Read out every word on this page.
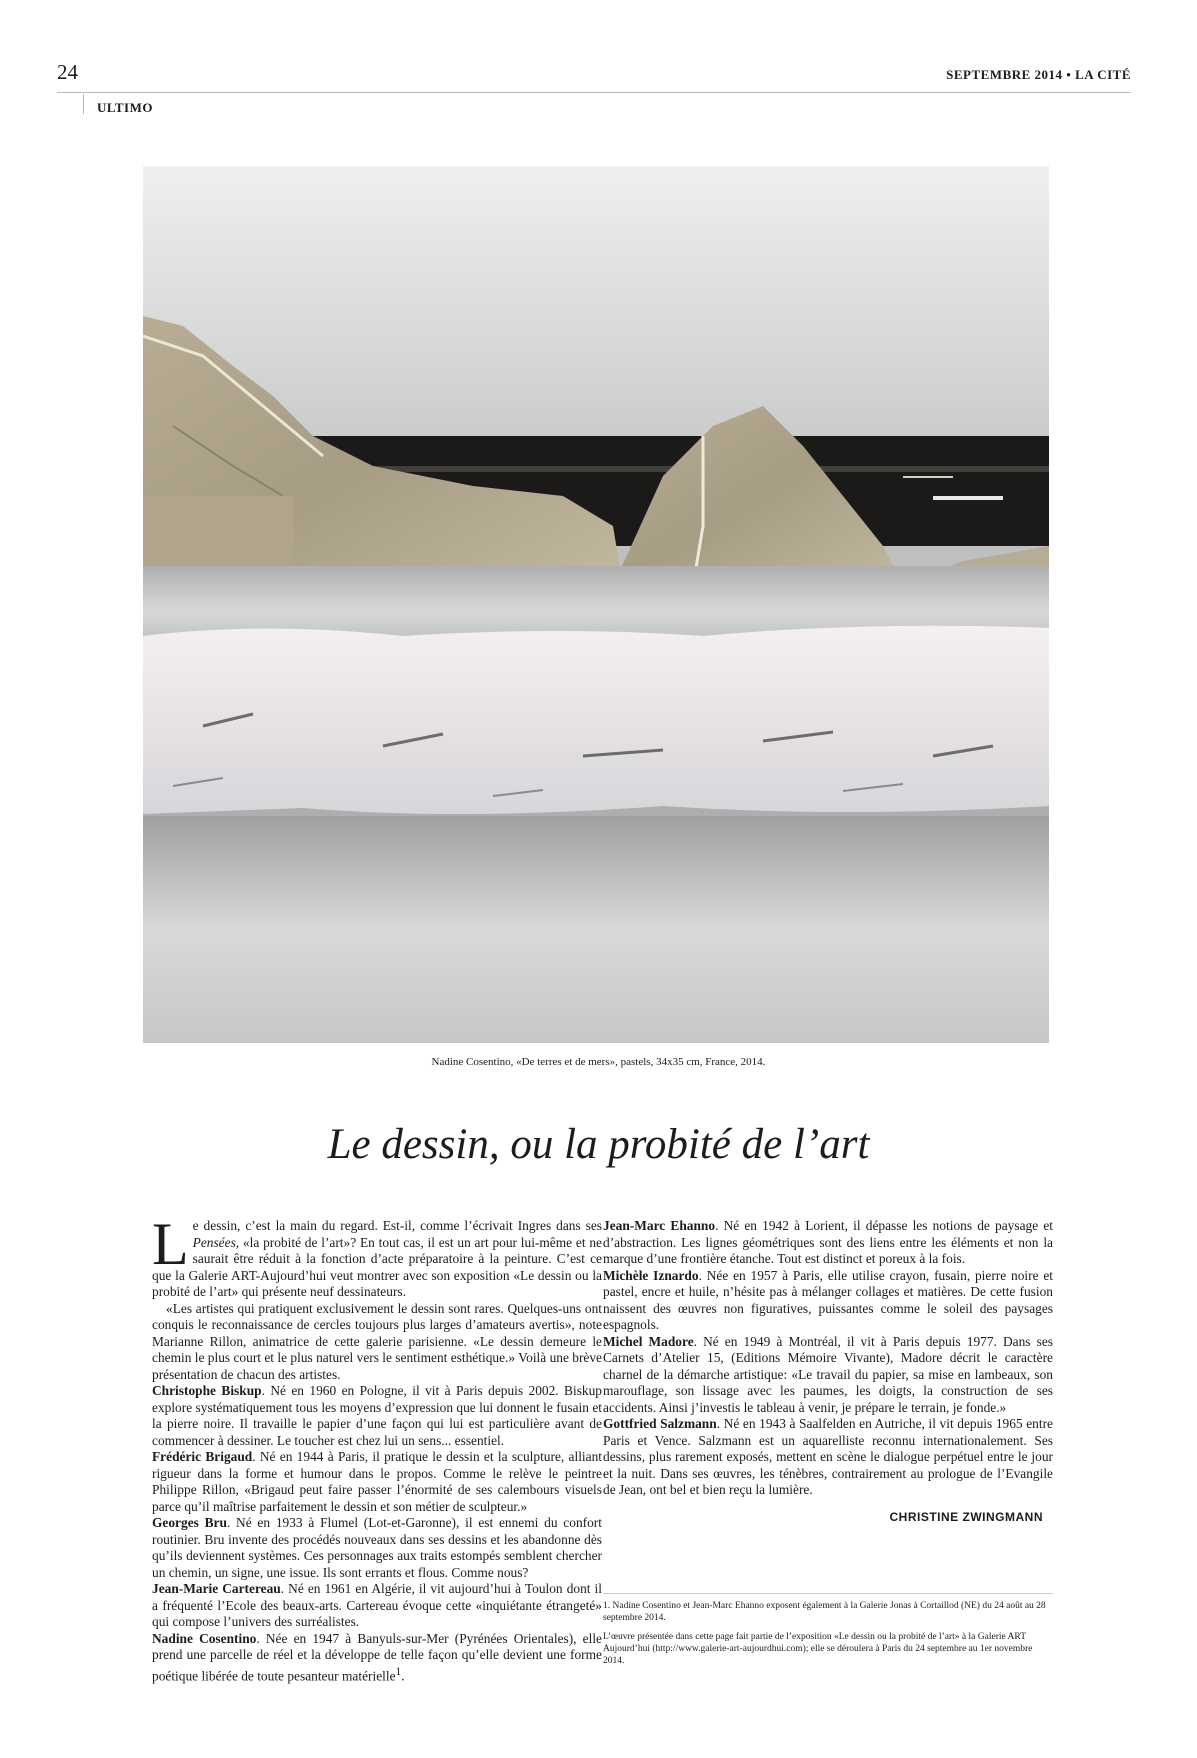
24	SEPTEMBRE 2014 • LA CITÉ
ULTIMO
Nadine Cosentino, «De terres et de mers», pastels, 34x35 cm, France, 2014.
Le dessin, ou la probité de l’art

Le dessin, c’est la main du regard. Est-il, comme l’écrivait Ingres dans ses Pensées, «la probité de l’art»? En tout cas, il est un art pour lui-même et ne saurait être réduit à la fonction d’acte préparatoire à la peinture. C’est ce que la Galerie ART-Aujourd’hui veut montrer avec son exposition «Le dessin ou la probité de l’art» qui présente neuf dessinateurs.

«Les artistes qui pratiquent exclusivement le dessin sont rares. Quelques-uns ont conquis le reconnaissance de cercles toujours plus larges d’amateurs avertis», note Marianne Rillon, animatrice de cette galerie parisienne. «Le dessin demeure le chemin le plus court et le plus naturel vers le sentiment esthétique.» Voilà une brève présentation de chacun des artistes.

Christophe Biskup. Né en 1960 en Pologne, il vit à Paris depuis 2002. Biskup explore systématiquement tous les moyens d’expression que lui donnent le fusain et la pierre noire. Il travaille le papier d’une façon qui lui est particulière avant de commencer à dessiner. Le toucher est chez lui un sens... essentiel.

Frédéric Brigaud. Né en 1944 à Paris, il pratique le dessin et la sculpture, alliant rigueur dans la forme et humour dans le propos. Comme le relève le peintre Philippe Rillon, «Brigaud peut faire passer l’énormité de ses calembours visuels parce qu’il maîtrise parfaitement le dessin et son métier de sculpteur.»

Georges Bru. Né en 1933 à Flumel (Lot-et-Garonne), il est ennemi du confort routinier. Bru invente des procédés nouveaux dans ses dessins et les abandonne dès qu’ils deviennent systèmes. Ces personnages aux traits estompés semblent chercher un chemin, un signe, une issue. Ils sont errants et flous. Comme nous?

Jean-Marie Cartereau. Né en 1961 en Algérie, il vit aujourd’hui à Toulon dont il a fréquenté l’Ecole des beaux-arts. Cartereau évoque cette «inquiétante étrangeté» qui compose l’univers des surréalistes.

Nadine Cosentino. Née en 1947 à Banyuls-sur-Mer (Pyrénées Orientales), elle prend une parcelle de réel et la développe de telle façon qu’elle devient une forme poétique libérée de toute pesanteur matérielle$^1$.

Jean-Marc Ehanno. Né en 1942 à Lorient, il dépasse les notions de paysage et d’abstraction. Les lignes géométriques sont des liens entre les éléments et non la marque d’une frontière étanche. Tout est distinct et poreux à la fois.

Michèle Iznardo. Née en 1957 à Paris, elle utilise crayon, fusain, pierre noire et pastel, encre et huile, n’hésite pas à mélanger collages et matières. De cette fusion naissent des œuvres non figuratives, puissantes comme le soleil des paysages espagnols.

Michel Madore. Né en 1949 à Montréal, il vit à Paris depuis 1977. Dans ses Carnets d’Atelier 15, (Editions Mémoire Vivante), Madore décrit le caractère charnel de la démarche artistique: «Le travail du papier, sa mise en lambeaux, son marouflage, son lissage avec les paumes, les doigts, la construction de ses accidents. Ainsi j’investis le tableau à venir, je prépare le terrain, je fonde.»

Gottfried Salzmann. Né en 1943 à Saalfelden en Autriche, il vit depuis 1965 entre Paris et Vence. Salzmann est un aquarelliste reconnu internationalement. Ses dessins, plus rarement exposés, mettent en scène le dialogue perpétuel entre le jour et la nuit. Dans ses œuvres, les ténèbres, contrairement au prologue de l’Evangile de Jean, ont bel et bien reçu la lumière.

CHRISTINE ZWINGMANN
1. Nadine Cosentino et Jean-Marc Ehanno exposent également à la Galerie Jonas à Cortaillod (NE) du 24 août au 28 septembre 2014.
L’œuvre présentée dans cette page fait partie de l’exposition «Le dessin ou la probité de l’art» à la Galerie ART Aujourd’hui (http://www.galerie-art-aujourdhui.com); elle se déroulera à Paris du 24 septembre au 1er novembre 2014.
